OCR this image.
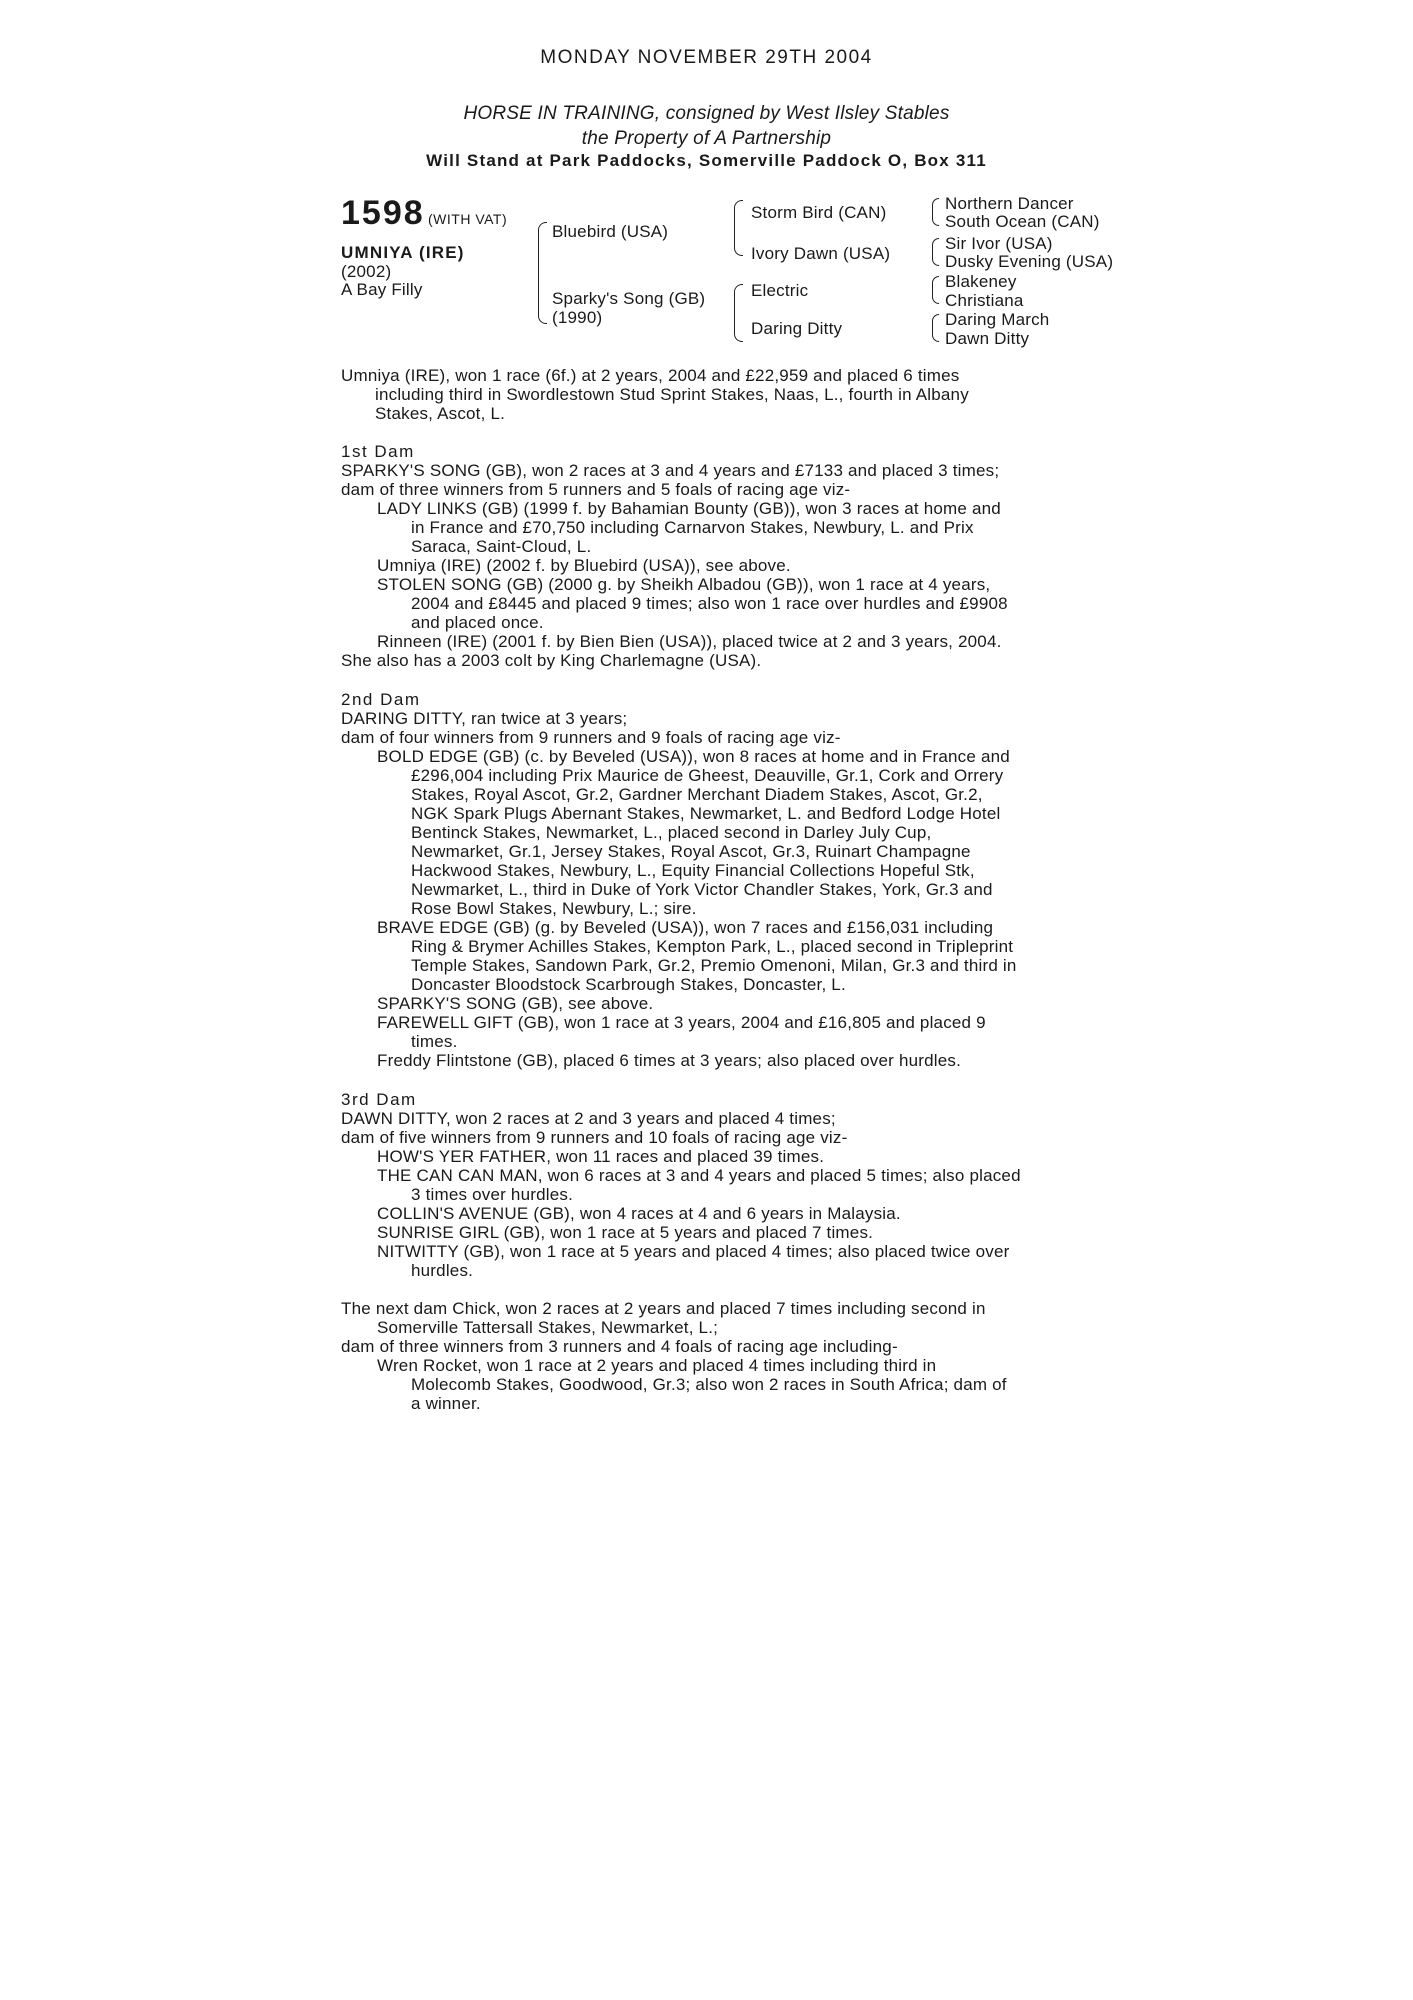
MONDAY NOVEMBER 29TH 2004
HORSE IN TRAINING, consigned by West Ilsley Stables
the Property of A Partnership
Will Stand at Park Paddocks, Somerville Paddock O, Box 311
1598 (WITH VAT)
UMNIYA (IRE)
(2002)
A Bay Filly
Bluebird (USA)
Sparky's Song (GB)
(1990)
Storm Bird (CAN)
Ivory Dawn (USA)
Electric
Daring Ditty
Northern Dancer
South Ocean (CAN)
Sir Ivor (USA)
Dusky Evening (USA)
Blakeney
Christiana
Daring March
Dawn Ditty
Umniya (IRE), won 1 race (6f.) at 2 years, 2004 and £22,959 and placed 6 times
including third in Swordlestown Stud Sprint Stakes, Naas, L., fourth in Albany
Stakes, Ascot, L.
1st Dam
SPARKY'S SONG (GB), won 2 races at 3 and 4 years and £7133 and placed 3 times;
dam of three winners from 5 runners and 5 foals of racing age viz-
LADY LINKS (GB) (1999 f. by Bahamian Bounty (GB)), won 3 races at home and
in France and £70,750 including Carnarvon Stakes, Newbury, L. and Prix
Saraca, Saint-Cloud, L.
Umniya (IRE) (2002 f. by Bluebird (USA)), see above.
STOLEN SONG (GB) (2000 g. by Sheikh Albadou (GB)), won 1 race at 4 years,
2004 and £8445 and placed 9 times; also won 1 race over hurdles and £9908
and placed once.
Rinneen (IRE) (2001 f. by Bien Bien (USA)), placed twice at 2 and 3 years, 2004.
She also has a 2003 colt by King Charlemagne (USA).
2nd Dam
DARING DITTY, ran twice at 3 years;
dam of four winners from 9 runners and 9 foals of racing age viz-
BOLD EDGE (GB) (c. by Beveled (USA)), won 8 races at home and in France and
£296,004 including Prix Maurice de Gheest, Deauville, Gr.1, Cork and Orrery
Stakes, Royal Ascot, Gr.2, Gardner Merchant Diadem Stakes, Ascot, Gr.2,
NGK Spark Plugs Abernant Stakes, Newmarket, L. and Bedford Lodge Hotel
Bentinck Stakes, Newmarket, L., placed second in Darley July Cup,
Newmarket, Gr.1, Jersey Stakes, Royal Ascot, Gr.3, Ruinart Champagne
Hackwood Stakes, Newbury, L., Equity Financial Collections Hopeful Stk,
Newmarket, L., third in Duke of York Victor Chandler Stakes, York, Gr.3 and
Rose Bowl Stakes, Newbury, L.; sire.
BRAVE EDGE (GB) (g. by Beveled (USA)), won 7 races and £156,031 including
Ring & Brymer Achilles Stakes, Kempton Park, L., placed second in Tripleprint
Temple Stakes, Sandown Park, Gr.2, Premio Omenoni, Milan, Gr.3 and third in
Doncaster Bloodstock Scarbrough Stakes, Doncaster, L.
SPARKY'S SONG (GB), see above.
FAREWELL GIFT (GB), won 1 race at 3 years, 2004 and £16,805 and placed 9
times.
Freddy Flintstone (GB), placed 6 times at 3 years; also placed over hurdles.
3rd Dam
DAWN DITTY, won 2 races at 2 and 3 years and placed 4 times;
dam of five winners from 9 runners and 10 foals of racing age viz-
HOW'S YER FATHER, won 11 races and placed 39 times.
THE CAN CAN MAN, won 6 races at 3 and 4 years and placed 5 times; also placed
3 times over hurdles.
COLLIN'S AVENUE (GB), won 4 races at 4 and 6 years in Malaysia.
SUNRISE GIRL (GB), won 1 race at 5 years and placed 7 times.
NITWITTY (GB), won 1 race at 5 years and placed 4 times; also placed twice over
hurdles.
The next dam Chick, won 2 races at 2 years and placed 7 times including second in
Somerville Tattersall Stakes, Newmarket, L.;
dam of three winners from 3 runners and 4 foals of racing age including-
Wren Rocket, won 1 race at 2 years and placed 4 times including third in
Molecomb Stakes, Goodwood, Gr.3; also won 2 races in South Africa; dam of
a winner.
